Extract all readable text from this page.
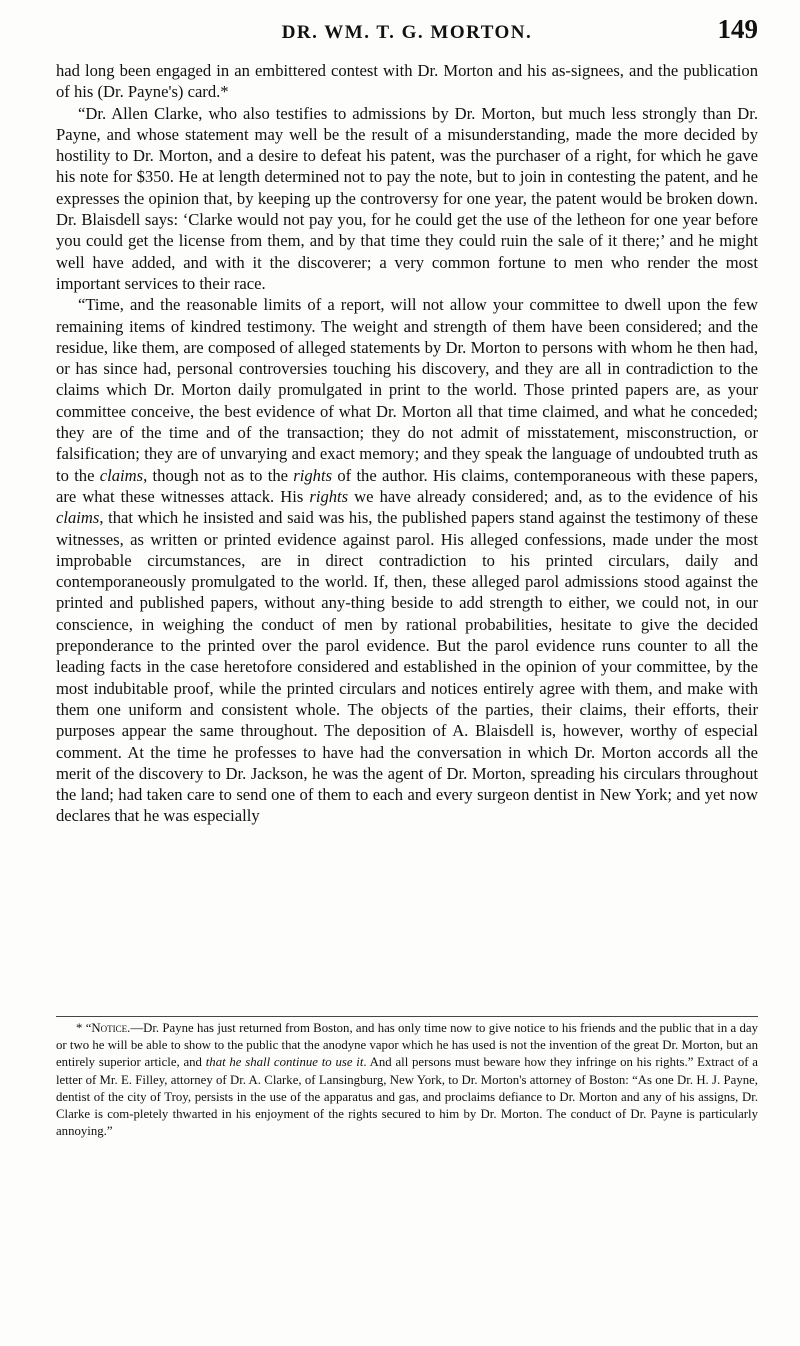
DR. WM. T. G. MORTON.	149

had long been engaged in an embittered contest with Dr. Morton and his as-signees, and the publication of his (Dr. Payne's) card.*

“Dr. Allen Clarke, who also testifies to admissions by Dr. Morton, but much less strongly than Dr. Payne, and whose statement may well be the result of a misunderstanding, made the more decided by hostility to Dr. Morton, and a desire to defeat his patent, was the purchaser of a right, for which he gave his note for $350. He at length determined not to pay the note, but to join in contesting the patent, and he expresses the opinion that, by keeping up the controversy for one year, the patent would be broken down. Dr. Blaisdell says: ‘Clarke would not pay you, for he could get the use of the letheon for one year before you could get the license from them, and by that time they could ruin the sale of it there;’ and he might well have added, and with it the discoverer; a very common fortune to men who render the most important services to their race.

“Time, and the reasonable limits of a report, will not allow your committee to dwell upon the few remaining items of kindred testimony. The weight and strength of them have been considered; and the residue, like them, are composed of alleged statements by Dr. Morton to persons with whom he then had, or has since had, personal controversies touching his discovery, and they are all in contradiction to the claims which Dr. Morton daily promulgated in print to the world. Those printed papers are, as your committee conceive, the best evidence of what Dr. Morton all that time claimed, and what he conceded; they are of the time and of the transaction; they do not admit of misstatement, misconstruction, or falsification; they are of unvarying and exact memory; and they speak the language of undoubted truth as to the claims, though not as to the rights of the author. His claims, contemporaneous with these papers, are what these witnesses attack. His rights we have already considered; and, as to the evidence of his claims, that which he insisted and said was his, the published papers stand against the testimony of these witnesses, as written or printed evidence against parol. His alleged confessions, made under the most improbable circumstances, are in direct contradiction to his printed circulars, daily and contemporaneously promulgated to the world. If, then, these alleged parol admissions stood against the printed and published papers, without any-thing beside to add strength to either, we could not, in our conscience, in weighing the conduct of men by rational probabilities, hesitate to give the decided preponderance to the printed over the parol evidence. But the parol evidence runs counter to all the leading facts in the case heretofore considered and established in the opinion of your committee, by the most indubitable proof, while the printed circulars and notices entirely agree with them, and make with them one uniform and consistent whole. The objects of the parties, their claims, their efforts, their purposes appear the same throughout. The deposition of A. Blaisdell is, however, worthy of especial comment. At the time he professes to have had the conversation in which Dr. Morton accords all the merit of the discovery to Dr. Jackson, he was the agent of Dr. Morton, spreading his circulars throughout the land; had taken care to send one of them to each and every surgeon dentist in New York; and yet now declares that he was especially

* “Notice.—Dr. Payne has just returned from Boston, and has only time now to give notice to his friends and the public that in a day or two he will be able to show to the public that the anodyne vapor which he has used is not the invention of the great Dr. Morton, but an entirely superior article, and that he shall continue to use it. And all persons must beware how they infringe on his rights.” Extract of a letter of Mr. E. Filley, attorney of Dr. A. Clarke, of Lansingburg, New York, to Dr. Morton's attorney of Boston: “As one Dr. H. J. Payne, dentist of the city of Troy, persists in the use of the apparatus and gas, and proclaims defiance to Dr. Morton and any of his assigns, Dr. Clarke is com-pletely thwarted in his enjoyment of the rights secured to him by Dr. Morton. The conduct of Dr. Payne is particularly annoying.”
